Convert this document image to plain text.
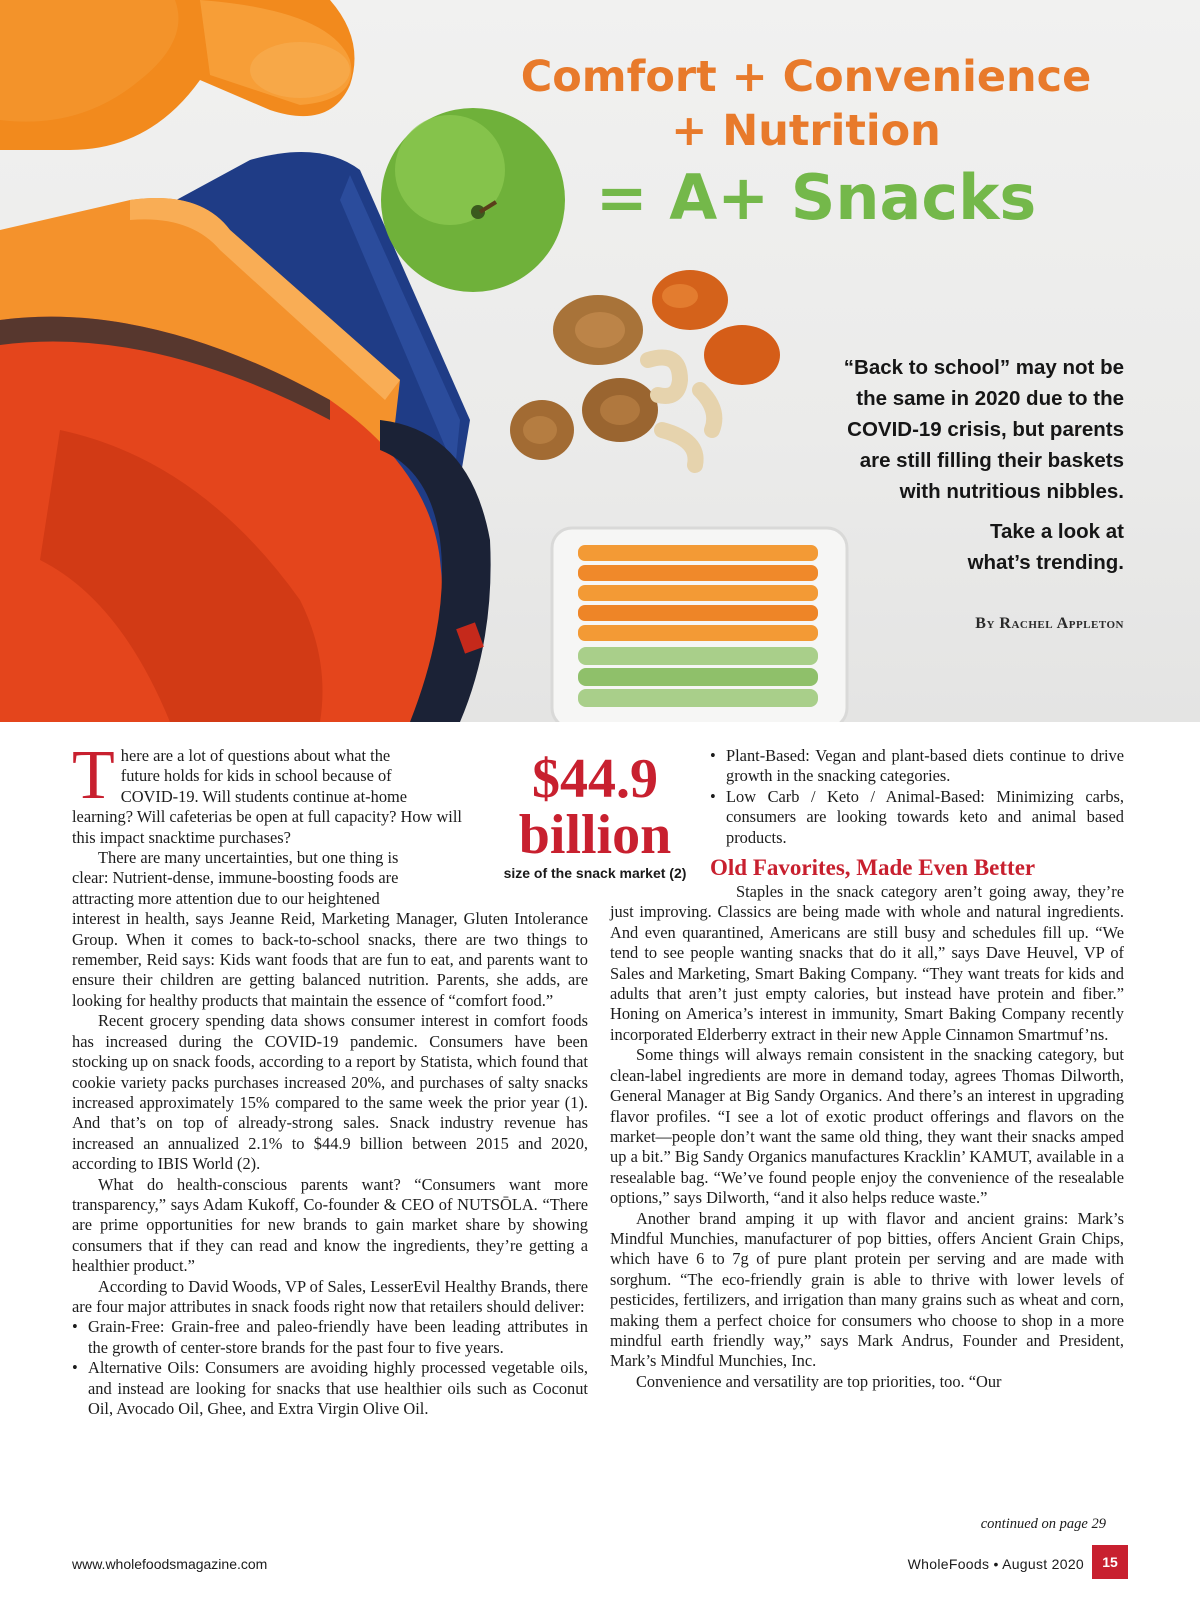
Comfort + Convenience
+ Nutrition
= A+ Snacks
“Back to school” may not be
the same in 2020 due to the
COVID-19 crisis, but parents
are still filling their baskets
with nutritious nibbles.
Take a look at
what’s trending.
By Rachel Appleton
$44.9
billion
size of the snack market (2)
T here are a lot of questions about what the
future holds for kids in school because of
COVID-19. Will students continue at-home
learning? Will cafeterias be open at full capacity? How will this impact snacktime purchases?
There are many uncertainties, but one thing is
clear: Nutrient-dense, immune-boosting foods are
attracting more attention due to our heightened

interest in health, says Jeanne Reid, Marketing Manager, Gluten Intolerance Group. When it comes to back-to-school snacks, there are two things to remember, Reid says: Kids want foods that are fun to eat, and parents want to ensure their children are getting balanced nutrition. Parents, she adds, are looking for healthy products that maintain the essence of “comfort food.”

Recent grocery spending data shows consumer interest in comfort foods has increased during the COVID-19 pandemic. Consumers have been stocking up on snack foods, according to a report by Statista, which found that cookie variety packs purchases increased 20%, and purchases of salty snacks increased approximately 15% compared to the same week the prior year (1). And that’s on top of already-strong sales. Snack industry revenue has increased an annualized 2.1% to $44.9 billion between 2015 and 2020, according to IBIS World (2).

What do health-conscious parents want? “Consumers want more transparency,” says Adam Kukoff, Co-founder & CEO of NUTSŌLA. “There are prime opportunities for new brands to gain market share by showing consumers that if they can read and know the ingredients, they’re getting a healthier product.”

According to David Woods, VP of Sales, LesserEvil Healthy Brands, there are four major attributes in snack foods right now that retailers should deliver:

• Grain-Free: Grain-free and paleo-friendly have been leading attributes in the growth of center-store brands for the past four to five years.
• Alternative Oils: Consumers are avoiding highly processed vegetable oils, and instead are looking for snacks that use healthier oils such as Coconut Oil, Avocado Oil, Ghee, and Extra Virgin Olive Oil.
• Plant-Based: Vegan and plant-based diets continue to drive growth in the snacking categories.
• Low Carb / Keto / Animal-Based: Minimizing carbs, consumers are looking towards keto and animal based products.
Old Favorites, Made Even Better

Staples in the snack category aren’t going away, they’re just improving. Classics are being made with whole and natural ingredients. And even quarantined, Americans are still busy and schedules fill up. “We tend to see people wanting snacks that do it all,” says Dave Heuvel, VP of Sales and Marketing, Smart Baking Company. “They want treats for kids and adults that aren’t just empty calories, but instead have protein and fiber.” Honing on America’s interest in immunity, Smart Baking Company recently incorporated Elderberry extract in their new Apple Cinnamon Smartmuf’ns.

Some things will always remain consistent in the snacking category, but clean-label ingredients are more in demand today, agrees Thomas Dilworth, General Manager at Big Sandy Organics. And there’s an interest in upgrading flavor profiles. “I see a lot of exotic product offerings and flavors on the market—people don’t want the same old thing, they want their snacks amped up a bit.” Big Sandy Organics manufactures Kracklin’ KAMUT, available in a resealable bag. “We’ve found people enjoy the convenience of the resealable options,” says Dilworth, “and it also helps reduce waste.”

Another brand amping it up with flavor and ancient grains: Mark’s Mindful Munchies, manufacturer of pop bitties, offers Ancient Grain Chips, which have 6 to 7g of pure plant protein per serving and are made with sorghum. “The eco-friendly grain is able to thrive with lower levels of pesticides, fertilizers, and irrigation than many grains such as wheat and corn, making them a perfect choice for consumers who choose to shop in a more mindful earth friendly way,” says Mark Andrus, Founder and President, Mark’s Mindful Munchies, Inc.

Convenience and versatility are top priorities, too. “Our

continued on page 29
www.wholefoodsmagazine.com	WholeFoods • August 2020	15
